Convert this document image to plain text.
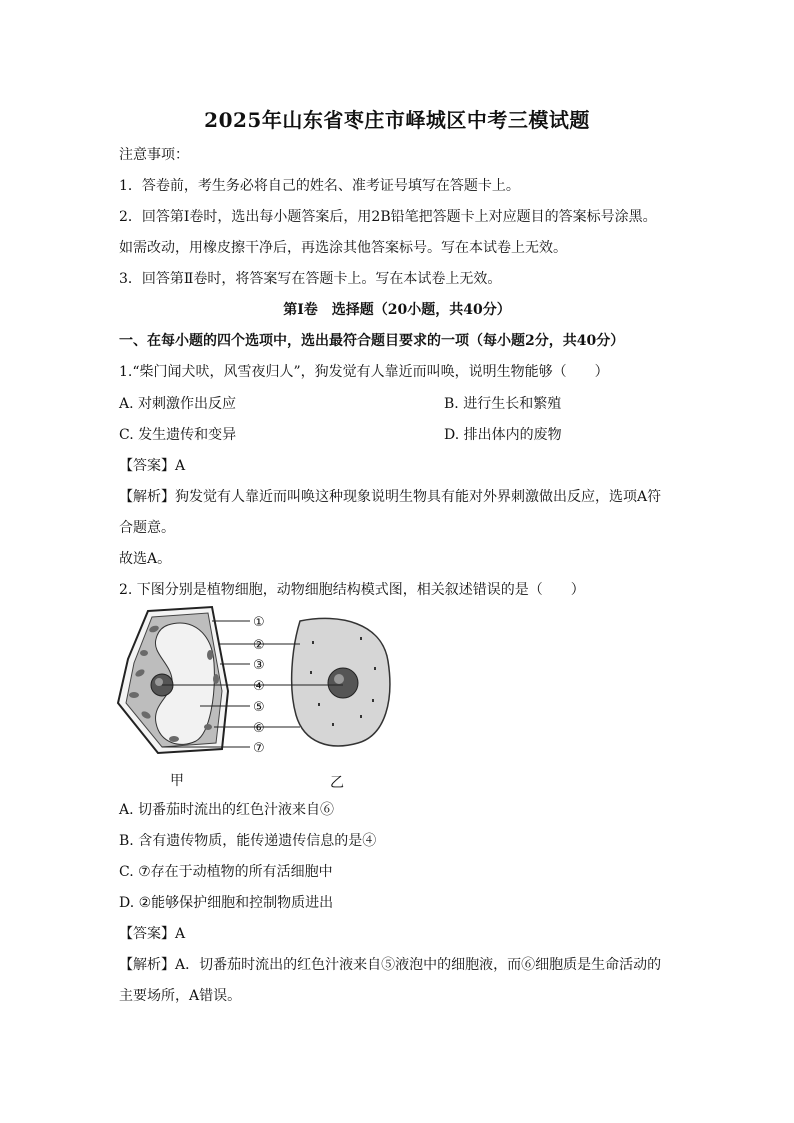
2025年山东省枣庄市峄城区中考三模试题
注意事项：
1．答卷前，考生务必将自己的姓名、准考证号填写在答题卡上。
2．回答第Ⅰ卷时，选出每小题答案后，用2B铅笔把答题卡上对应题目的答案标号涂黑。
如需改动，用橡皮擦干净后，再选涂其他答案标号。写在本试卷上无效。
3．回答第Ⅱ卷时，将答案写在答题卡上。写在本试卷上无效。
第Ⅰ卷　选择题（20小题，共40分）
一、在每小题的四个选项中，选出最符合题目要求的一项（每小题2分，共40分）
1.“柴门闻犬吠，风雪夜归人”，狗发觉有人靠近而叫唤，说明生物能够（　　）
A. 对刺激作出反应	B. 进行生长和繁殖
C. 发生遗传和变异	D. 排出体内的废物
【答案】A
【解析】狗发觉有人靠近而叫唤这种现象说明生物具有能对外界刺激做出反应，选项A符
合题意。
故选A。
2. 下图分别是植物细胞，动物细胞结构模式图，相关叙述错误的是（　　）
①
②
③
④
⑤
⑥
⑦
甲	乙
A. 切番茄时流出的红色汁液来自⑥
B. 含有遗传物质，能传递遗传信息的是④
C. ⑦存在于动植物的所有活细胞中
D. ②能够保护细胞和控制物质进出
【答案】A
【解析】A．切番茄时流出的红色汁液来自⑤液泡中的细胞液，而⑥细胞质是生命活动的
主要场所，A错误。
